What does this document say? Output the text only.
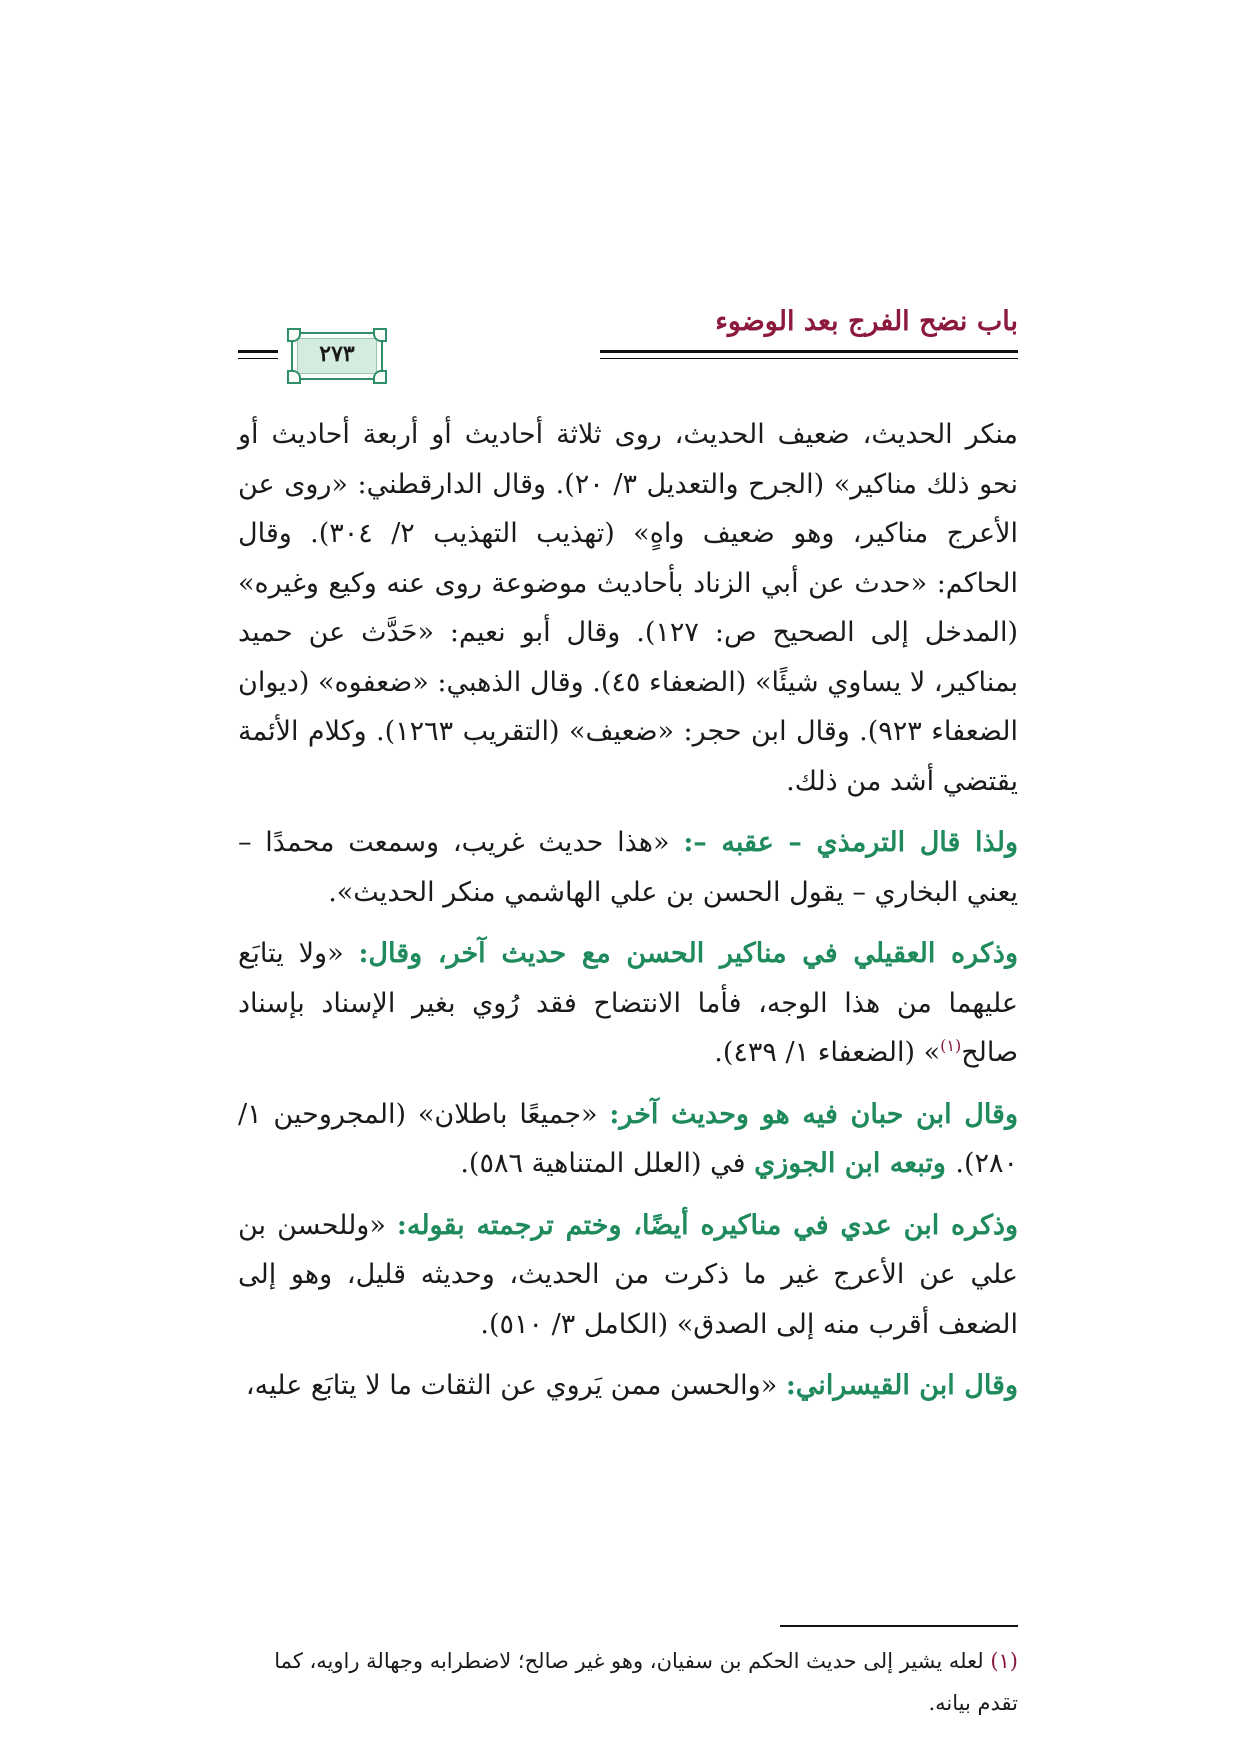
باب نضح الفرج بعد الوضوء
٢٧٣

منكر الحديث، ضعيف الحديث، روى ثلاثة أحاديث أو أربعة أحاديث أو نحو ذلك مناكير» (الجرح والتعديل ٣/ ٢٠). وقال الدارقطني: «روى عن الأعرج مناكير، وهو ضعيف واهٍ» (تهذيب التهذيب ٢/ ٣٠٤). وقال الحاكم: «حدث عن أبي الزناد بأحاديث موضوعة روى عنه وكيع وغيره» (المدخل إلى الصحيح ص: ١٢٧). وقال أبو نعيم: «حَدَّث عن حميد بمناكير، لا يساوي شيئًا» (الضعفاء ٤٥). وقال الذهبي: «ضعفوه» (ديوان الضعفاء ٩٢٣). وقال ابن حجر: «ضعيف» (التقريب ١٢٦٣). وكلام الأئمة يقتضي أشد من ذلك.

ولذا قال الترمذي – عقبه –: «هذا حديث غريب، وسمعت محمدًا – يعني البخاري – يقول الحسن بن علي الهاشمي منكر الحديث».

وذكره العقيلي في مناكير الحسن مع حديث آخر، وقال: «ولا يتابَع عليهما من هذا الوجه، فأما الانتضاح فقد رُوي بغير الإسناد بإسناد صالح$^{(١)}$» (الضعفاء ١/ ٤٣٩).

وقال ابن حبان فيه هو وحديث آخر: «جميعًا باطلان» (المجروحين ١/ ٢٨٠). وتبعه ابن الجوزي في (العلل المتناهية ٥٨٦).

وذكره ابن عدي في مناكيره أيضًا، وختم ترجمته بقوله: «وللحسن بن علي عن الأعرج غير ما ذكرت من الحديث، وحديثه قليل، وهو إلى الضعف أقرب منه إلى الصدق» (الكامل ٣/ ٥١٠).

وقال ابن القيسراني: «والحسن ممن يَروي عن الثقات ما لا يتابَع عليه،

(١) لعله يشير إلى حديث الحكم بن سفيان، وهو غير صالح؛ لاضطرابه وجهالة راويه، كما تقدم بيانه.
